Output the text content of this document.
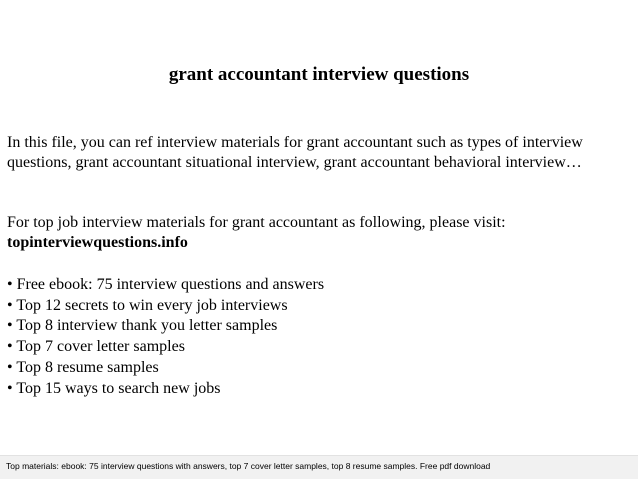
grant accountant interview questions

In this file, you can ref interview materials for grant accountant such as types of interview questions, grant accountant situational interview, grant accountant behavioral interview…

For top job interview materials for grant accountant as following, please visit:
topinterviewquestions.info

• Free ebook: 75 interview questions and answers
• Top 12 secrets to win every job interviews
• Top 8 interview thank you letter samples
• Top 7 cover letter samples
• Top 8 resume samples
• Top 15 ways to search new jobs
Top materials: ebook: 75 interview questions with answers, top 7 cover letter samples, top 8 resume samples. Free pdf download
